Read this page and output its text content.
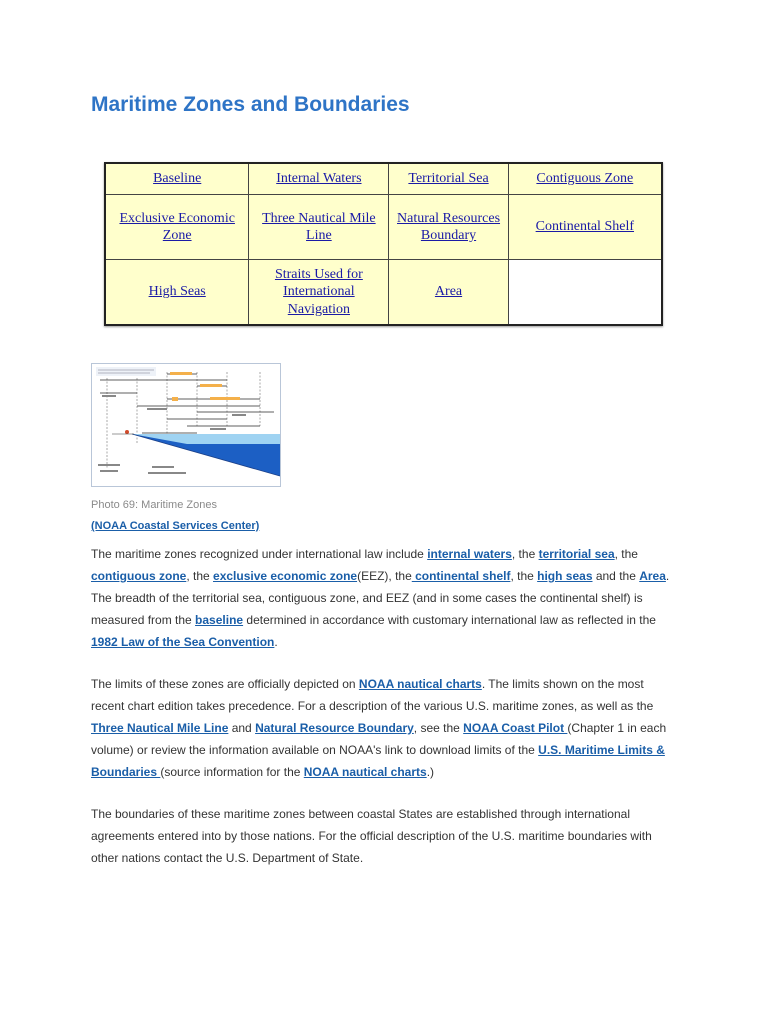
Maritime Zones and Boundaries
Baseline	Internal Waters	Territorial Sea	Contiguous Zone
Exclusive Economic Zone	Three Nautical Mile Line	Natural Resources Boundary	Continental Shelf
High Seas	Straits Used for International Navigation	Area	

Photo 69: Maritime Zones

(NOAA Coastal Services Center)

The maritime zones recognized under international law include internal waters, the territorial sea, the contiguous zone, the exclusive economic zone(EEZ), the continental shelf, the high seas and the Area. The breadth of the territorial sea, contiguous zone, and EEZ (and in some cases the continental shelf) is measured from the baseline determined in accordance with customary international law as reflected in the 1982 Law of the Sea Convention.

The limits of these zones are officially depicted on NOAA nautical charts. The limits shown on the most recent chart edition takes precedence. For a description of the various U.S. maritime zones, as well as the Three Nautical Mile Line and Natural Resource Boundary, see the NOAA Coast Pilot (Chapter 1 in each volume) or review the information available on NOAA's link to download limits of the U.S. Maritime Limits & Boundaries (source information for the NOAA nautical charts.)

The boundaries of these maritime zones between coastal States are established through international agreements entered into by those nations. For the official description of the U.S. maritime boundaries with other nations contact the U.S. Department of State.
